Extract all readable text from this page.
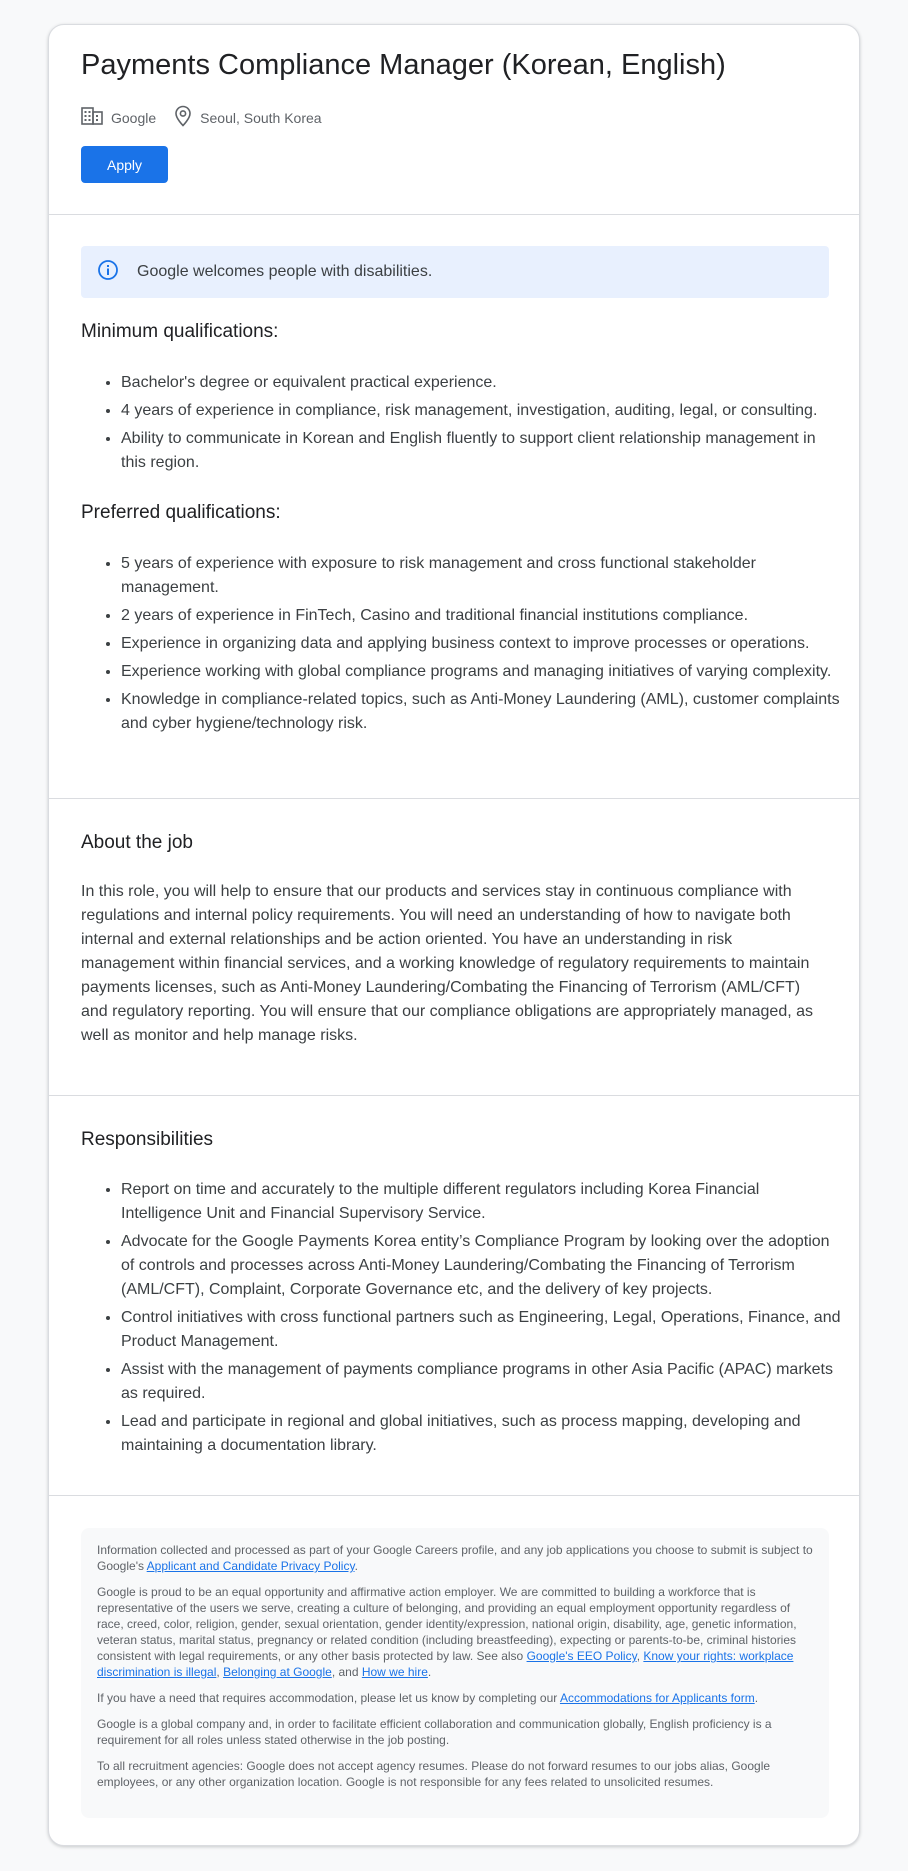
Payments Compliance Manager (Korean, English)
Google	Seoul, South Korea
Apply
Google welcomes people with disabilities.
Minimum qualifications:
• Bachelor's degree or equivalent practical experience.
• 4 years of experience in compliance, risk management, investigation, auditing, legal, or consulting.
• Ability to communicate in Korean and English fluently to support client relationship management in this region.
Preferred qualifications:
• 5 years of experience with exposure to risk management and cross functional stakeholder management.
• 2 years of experience in FinTech, Casino and traditional financial institutions compliance.
• Experience in organizing data and applying business context to improve processes or operations.
• Experience working with global compliance programs and managing initiatives of varying complexity.
• Knowledge in compliance-related topics, such as Anti-Money Laundering (AML), customer complaints and cyber hygiene/technology risk.
About the job

In this role, you will help to ensure that our products and services stay in continuous compliance with regulations and internal policy requirements. You will need an understanding of how to navigate both internal and external relationships and be action oriented. You have an understanding in risk management within financial services, and a working knowledge of regulatory requirements to maintain payments licenses, such as Anti-Money Laundering/Combating the Financing of Terrorism (AML/CFT) and regulatory reporting. You will ensure that our compliance obligations are appropriately managed, as well as monitor and help manage risks.

Responsibilities
• Report on time and accurately to the multiple different regulators including Korea Financial Intelligence Unit and Financial Supervisory Service.
• Advocate for the Google Payments Korea entity’s Compliance Program by looking over the adoption of controls and processes across Anti-Money Laundering/Combating the Financing of Terrorism (AML/CFT), Complaint, Corporate Governance etc, and the delivery of key projects.
• Control initiatives with cross functional partners such as Engineering, Legal, Operations, Finance, and Product Management.
• Assist with the management of payments compliance programs in other Asia Pacific (APAC) markets as required.
• Lead and participate in regional and global initiatives, such as process mapping, developing and maintaining a documentation library.

Information collected and processed as part of your Google Careers profile, and any job applications you choose to submit is subject to Google's Applicant and Candidate Privacy Policy.

Google is proud to be an equal opportunity and affirmative action employer. We are committed to building a workforce that is representative of the users we serve, creating a culture of belonging, and providing an equal employment opportunity regardless of race, creed, color, religion, gender, sexual orientation, gender identity/expression, national origin, disability, age, genetic information, veteran status, marital status, pregnancy or related condition (including breastfeeding), expecting or parents-to-be, criminal histories consistent with legal requirements, or any other basis protected by law. See also Google's EEO Policy, Know your rights: workplace discrimination is illegal, Belonging at Google, and How we hire.

If you have a need that requires accommodation, please let us know by completing our Accommodations for Applicants form.

Google is a global company and, in order to facilitate efficient collaboration and communication globally, English proficiency is a requirement for all roles unless stated otherwise in the job posting.

To all recruitment agencies: Google does not accept agency resumes. Please do not forward resumes to our jobs alias, Google employees, or any other organization location. Google is not responsible for any fees related to unsolicited resumes.
